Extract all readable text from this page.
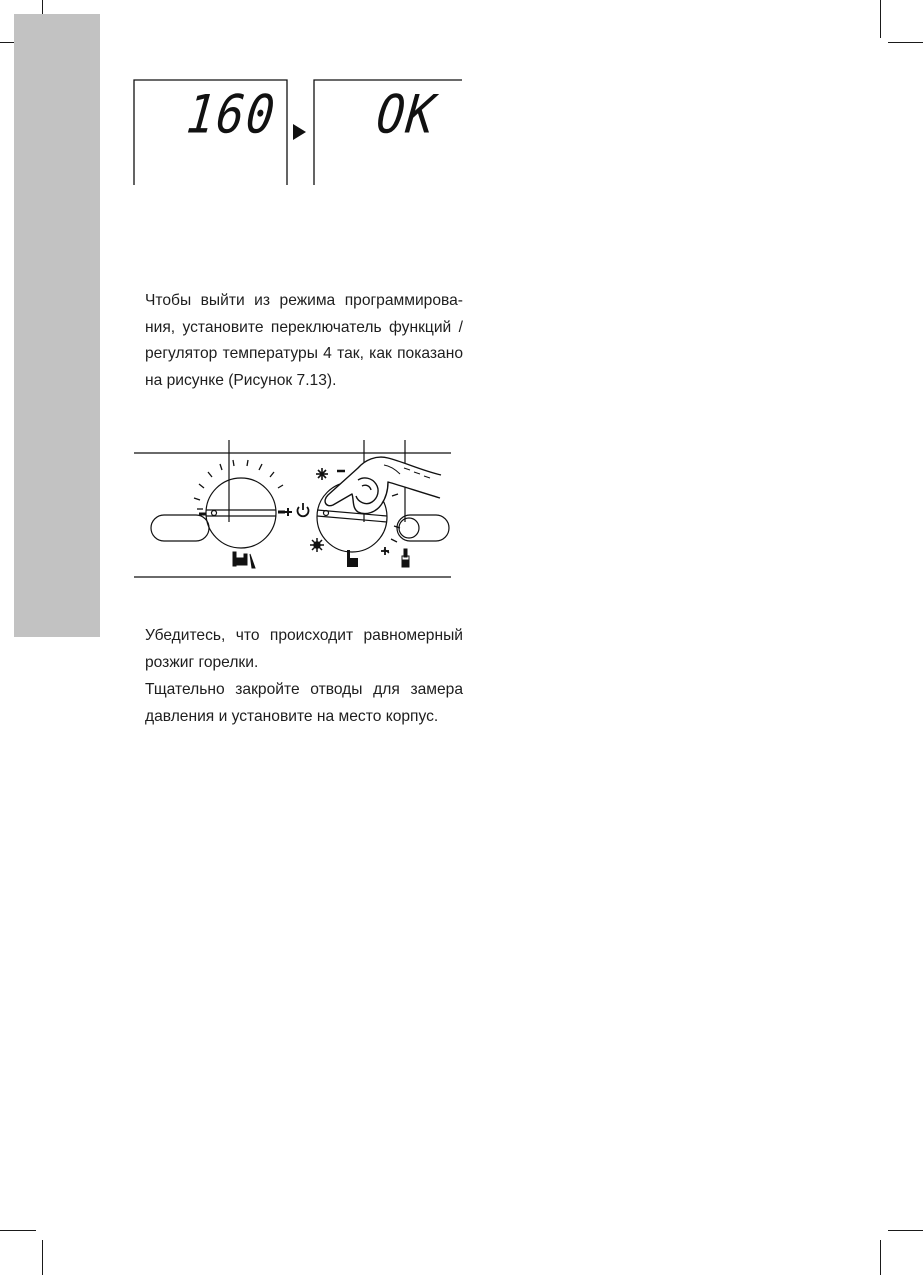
160 OK

Чтобы выйти из режима программирова-

ния, установите переключатель функций /

регулятор температуры 4 так, как показано

на рисунке (Рисунок 7.13).

Убедитесь, что происходит равномерный

розжиг горелки.

Тщательно закройте отводы для замера

давления и установите на место корпус.
